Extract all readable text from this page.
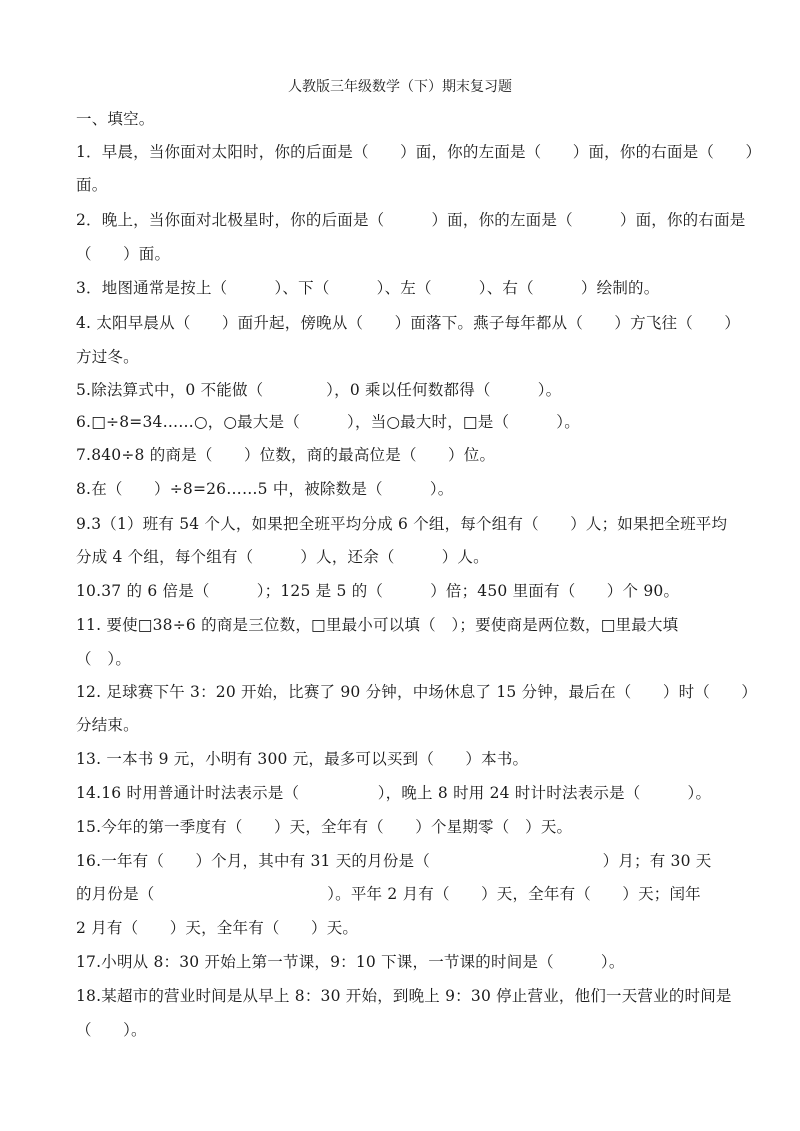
人教版三年级数学（下）期末复习题
一、填空。
1．早晨，当你面对太阳时，你的后面是（　　）面，你的左面是（　　）面，你的右面是（　　）
面。
2．晚上，当你面对北极星时，你的后面是（　　　）面，你的左面是（　　　）面，你的右面是
（　　）面。
3．地图通常是按上（　　　）、下（　　　）、左（　　　）、右（　　　）绘制的。
4. 太阳早晨从（　　）面升起，傍晚从（　　）面落下。燕子每年都从（　　）方飞往（　　）
方过冬。
5.除法算式中，0 不能做（　　　　），0 乘以任何数都得（　　　）。
6.□÷8=34……○，○最大是（　　　），当○最大时，□是（　　　）。
7.840÷8 的商是（　　）位数，商的最高位是（　　）位。
8.在（　　）÷8=26……5 中，被除数是（　　　）。
9.3（1）班有 54 个人，如果把全班平均分成 6 个组，每个组有（　　）人；如果把全班平均
分成 4 个组，每个组有（　　　）人，还余（　　　）人。
10.37 的 6 倍是（　　　）；125 是 5 的（　　　）倍；450 里面有（　　）个 90。
11. 要使□38÷6 的商是三位数，□里最小可以填（　）；要使商是两位数，□里最大填
（　）。
12. 足球赛下午 3：20 开始，比赛了 90 分钟，中场休息了 15 分钟，最后在（　　）时（　　）
分结束。
13. 一本书 9 元，小明有 300 元，最多可以买到（　　）本书。
14.16 时用普通计时法表示是（　　　　　），晚上 8 时用 24 时计时法表示是（　　　）。
15.今年的第一季度有（　　）天，全年有（　　）个星期零（　）天。
16.一年有（　　）个月，其中有 31 天的月份是（　　　　　　　　　　　）月；有 30 天
的月份是（　　　　　　　　　　　）。平年 2 月有（　　）天，全年有（　　）天；闰年
2 月有（　　）天，全年有（　　）天。
17.小明从 8：30 开始上第一节课，9：10 下课，一节课的时间是（　　　）。
18.某超市的营业时间是从早上 8：30 开始，到晚上 9：30 停止营业，他们一天营业的时间是
（　　）。
